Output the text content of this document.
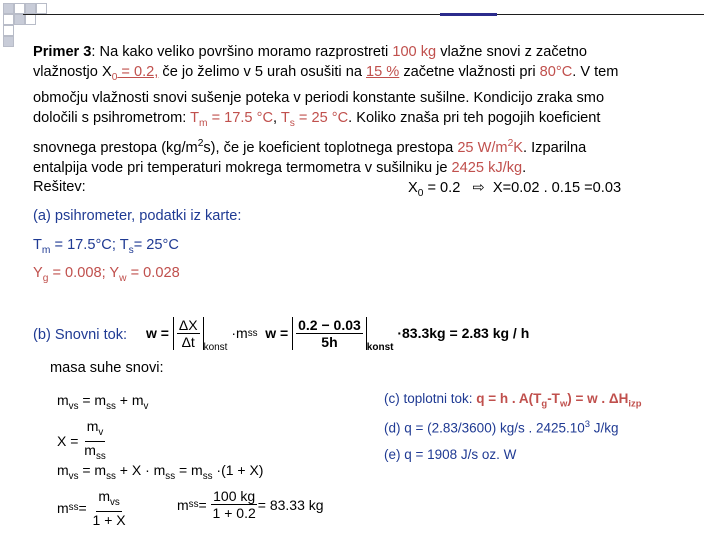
Primer 3: Na kako veliko površino moramo razprostreti 100 kg vlažne snovi z začetno
vlažnostjo $X_0 = 0.2$, če jo želimo v 5 urah osušiti na 15 % začetne vlažnosti pri 80°C. V tem
območju vlažnosti snovi sušenje poteka v periodi konstante sušilne. Kondicijo zraka smo
določili s psihrometrom: $T_m = 17.5$ °C, $T_s = 25$ °C. Koliko znaša pri teh pogojih koeficient
snovnega prestopa $(kg/m^2s)$, če je koeficient toplotnega prestopa 25 $W/m^2K$. Izparilna
entalpija vode pri temperaturi mokrega termometra v sušilniku je 2425 kJ/kg.
Rešitev:	$X_0 = 0.2$ ⇨ X=0.02 . 0.15 =0.03
(a) psihrometer, podatki iz karte:
$T_m = 17.5^\circ C$; $T_s= 25^\circ C$
$Y_g = 0.008$; $Y_w = 0.028$
(b) Snovni tok: w =
$\frac{\Delta X}{\Delta t} _{konst}$

·m ss
w =
$\frac{0.2 - 0.03}{5h} _{konst}$

·83.3kg = 2.83 kg / h
masa suhe snovi:
$m_{vs} = m_{ss} + m_v$
X =
$\frac{m_v}{m_{ss}}$
$m_{vs} = m_{ss} + X \cdot m_{ss} = m_{ss} \cdot(1 + X)$
m ss =
$\frac{m_{vs}}{1 + X}$	m ss =
$\frac{100 kg}{1 + 0.2} = 83.33$ kg
(c) toplotni tok: q = h . $A(T_g-T_w) = w$ . $\Delta H_{izp}$
(d) q = (2.83/3600) kg/s . 2425.10$^3$ J/kg
(e) q = 1908 J/s oz. W
